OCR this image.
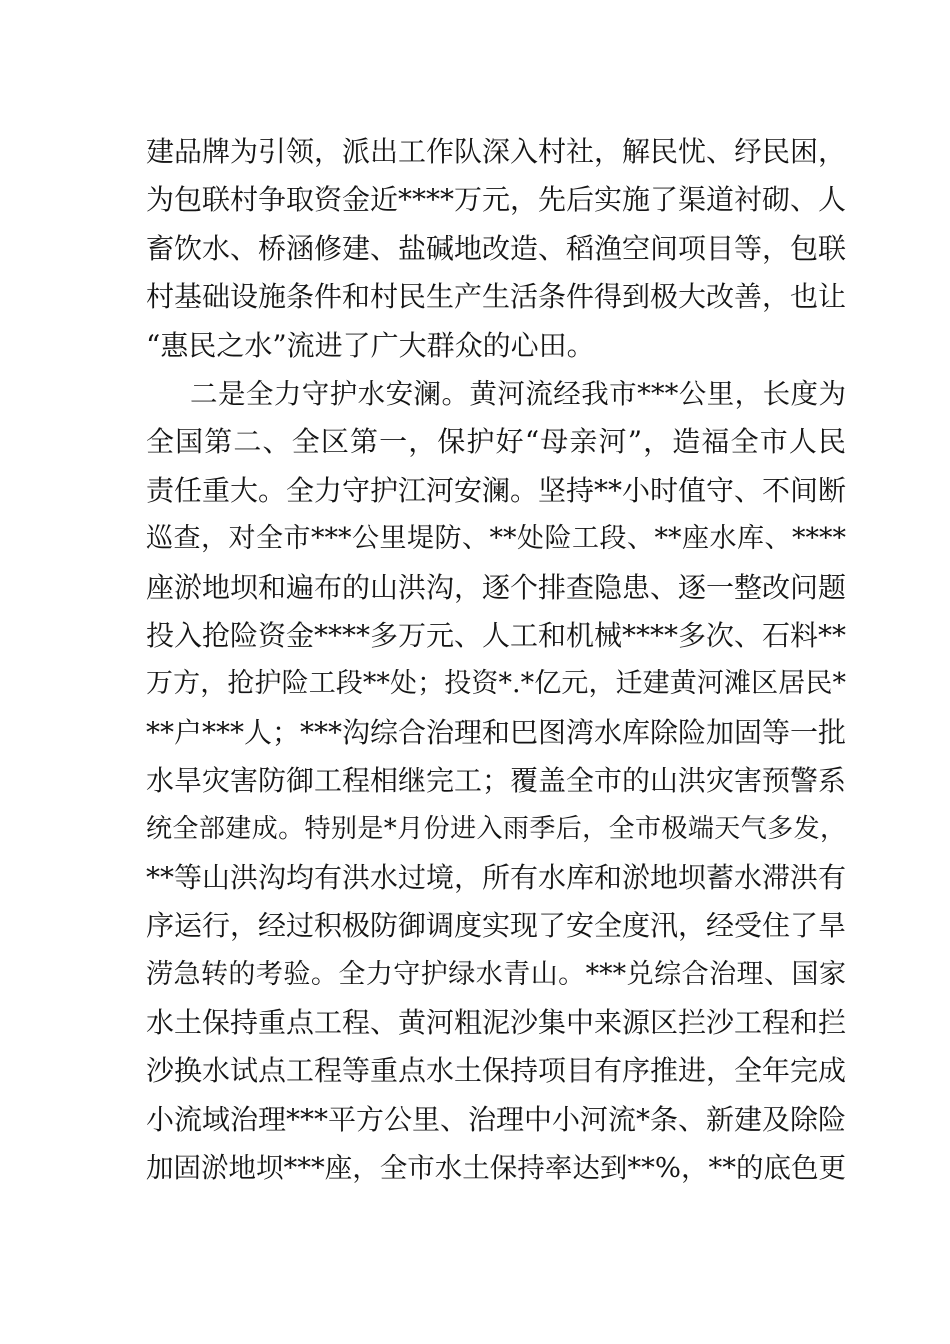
建品牌为引领，派出工作队深入村社，解民忧、纾民困，
为包联村争取资金近****万元，先后实施了渠道衬砌、人
畜饮水、桥涵修建、盐碱地改造、稻渔空间项目等，包联
村基础设施条件和村民生产生活条件得到极大改善，也让
“惠民之水”流进了广大群众的心田。
二是全力守护水安澜。黄河流经我市***公里，长度为
全国第二、全区第一，保护好“母亲河”，造福全市人民
责任重大。全力守护江河安澜。坚持**小时值守、不间断
巡查，对全市***公里堤防、**处险工段、**座水库、****
座淤地坝和遍布的山洪沟，逐个排查隐患、逐一整改问题
投入抢险资金****多万元、人工和机械****多次、石料**
万方，抢护险工段**处；投资*.*亿元，迁建黄河滩区居民*
**户***人；***沟综合治理和巴图湾水库除险加固等一批
水旱灾害防御工程相继完工；覆盖全市的山洪灾害预警系
统全部建成。特别是*月份进入雨季后，全市极端天气多发，
**等山洪沟均有洪水过境，所有水库和淤地坝蓄水滞洪有
序运行，经过积极防御调度实现了安全度汛，经受住了旱
涝急转的考验。全力守护绿水青山。***兑综合治理、国家
水土保持重点工程、黄河粗泥沙集中来源区拦沙工程和拦
沙换水试点工程等重点水土保持项目有序推进，全年完成
小流域治理***平方公里、治理中小河流*条、新建及除险
加固淤地坝***座，全市水土保持率达到**%，**的底色更
